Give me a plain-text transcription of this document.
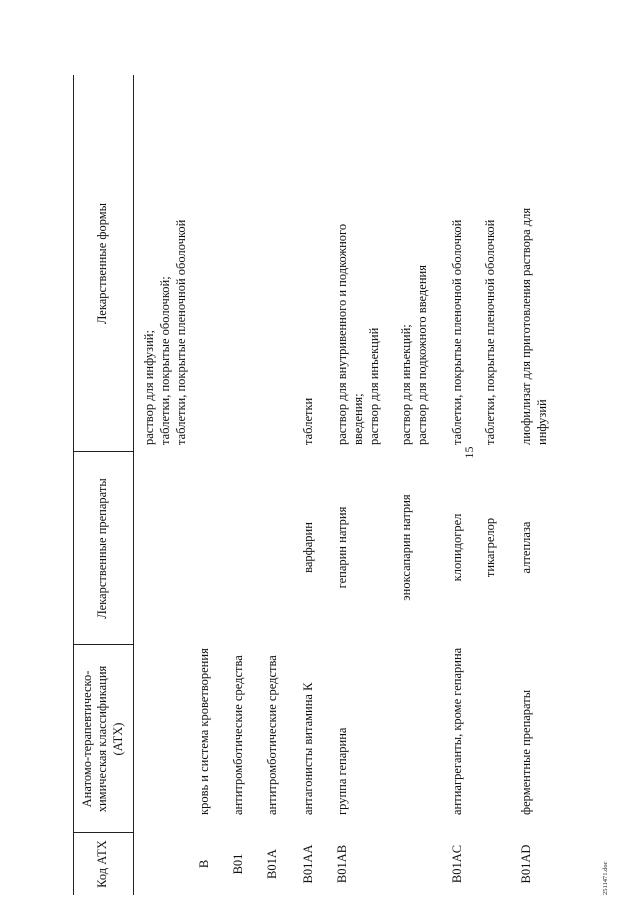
15
Код АТХ
Анатомо-терапевтическо-химическая классификация (АТХ)
Лекарственные препараты
Лекарственные формы
раствор для инфузий; таблетки, покрытые оболочкой; таблетки, покрытые пленочной оболочкой
B
кровь и система кроветворения
B01
антитромботические средства
B01A
антитромботические средства
B01AA
антагонисты витамина К
варфарин
таблетки
B01AB
группа гепарина
гепарин натрия
раствор для внутривенного и подкожного введения; раствор для инъекций
эноксапарин натрия
раствор для инъекций; раствор для подкожного введения
B01AC
антиагреганты, кроме гепарина
клопидогрел
таблетки, покрытые пленочной оболочкой
тикагрелор
таблетки, покрытые пленочной оболочкой
B01AD
ферментные препараты
алтеплаза
лиофилизат для приготовления раствора для инфузий
2511471.doc
